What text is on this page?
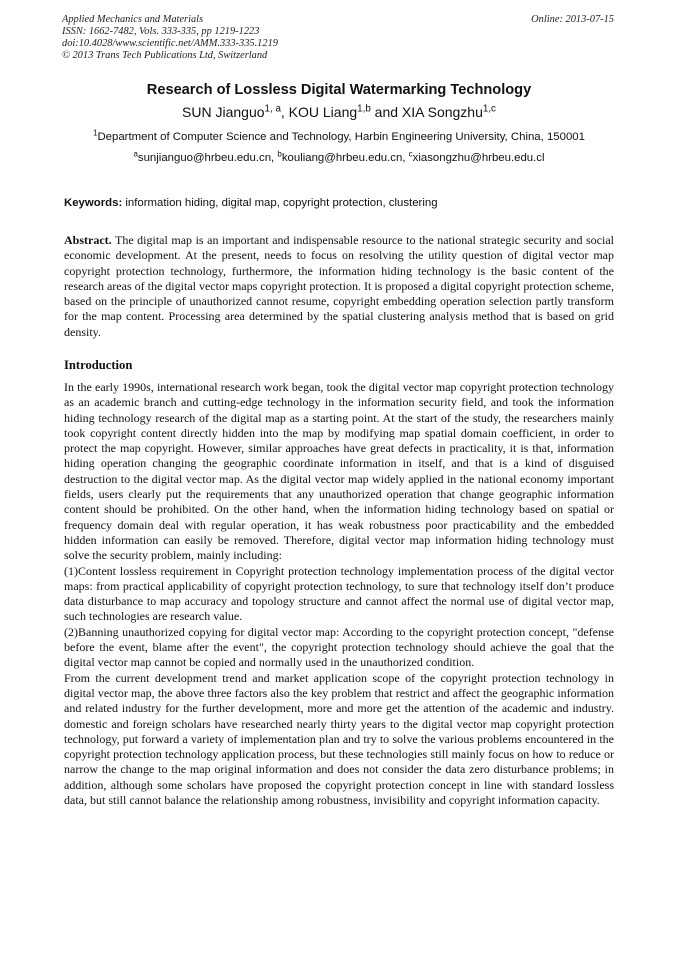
Applied Mechanics and Materials
ISSN: 1662-7482, Vols. 333-335, pp 1219-1223
doi:10.4028/www.scientific.net/AMM.333-335.1219
© 2013 Trans Tech Publications Ltd, Switzerland
Online: 2013-07-15
Research of Lossless Digital Watermarking Technology
SUN Jianguo$^{1, a}$, KOU Liang$^{1,b}$ and XIA Songzhu$^{1,c}$
$^1$Department of Computer Science and Technology, Harbin Engineering University, China, 150001
$^a$sunjianguo@hrbeu.edu.cn, $^b$kouliang@hrbeu.edu.cn, $^c$xiasongzhu@hrbeu.edu.cl
Keywords: information hiding, digital map, copyright protection, clustering
Abstract. The digital map is an important and indispensable resource to the national strategic security and social economic development. At the present, needs to focus on resolving the utility question of digital vector map copyright protection technology, furthermore, the information hiding technology is the basic content of the research areas of the digital vector maps copyright protection. It is proposed a digital copyright protection scheme, based on the principle of unauthorized cannot resume, copyright embedding operation selection partly transform for the map content. Processing area determined by the spatial clustering analysis method that is based on grid density.
Introduction

In the early 1990s, international research work began, took the digital vector map copyright protection technology as an academic branch and cutting-edge technology in the information security field, and took the information hiding technology research of the digital map as a starting point. At the start of the study, the researchers mainly took copyright content directly hidden into the map by modifying map spatial domain coefficient, in order to protect the map copyright. However, similar approaches have great defects in practicality, it is that, information hiding operation changing the geographic coordinate information in itself, and that is a kind of disguised destruction to the digital vector map. As the digital vector map widely applied in the national economy important fields, users clearly put the requirements that any unauthorized operation that change geographic information content should be prohibited. On the other hand, when the information hiding technology based on spatial or frequency domain deal with regular operation, it has weak robustness poor practicability and the embedded hidden information can easily be removed. Therefore, digital vector map information hiding technology must solve the security problem, mainly including:

(1)Content lossless requirement in Copyright protection technology implementation process of the digital vector maps: from practical applicability of copyright protection technology, to sure that technology itself don’t produce data disturbance to map accuracy and topology structure and cannot affect the normal use of digital vector map, such technologies are research value.

(2)Banning unauthorized copying for digital vector map: According to the copyright protection concept, "defense before the event, blame after the event", the copyright protection technology should achieve the goal that the digital vector map cannot be copied and normally used in the unauthorized condition.

From the current development trend and market application scope of the copyright protection technology in digital vector map, the above three factors also the key problem that restrict and affect the geographic information and related industry for the further development, more and more get the attention of the academic and industry. domestic and foreign scholars have researched nearly thirty years to the digital vector map copyright protection technology, put forward a variety of implementation plan and try to solve the various problems encountered in the copyright protection technology application process, but these technologies still mainly focus on how to reduce or narrow the change to the map original information and does not consider the data zero disturbance problems; in addition, although some scholars have proposed the copyright protection concept in line with standard lossless data, but still cannot balance the relationship among robustness, invisibility and copyright information capacity.
